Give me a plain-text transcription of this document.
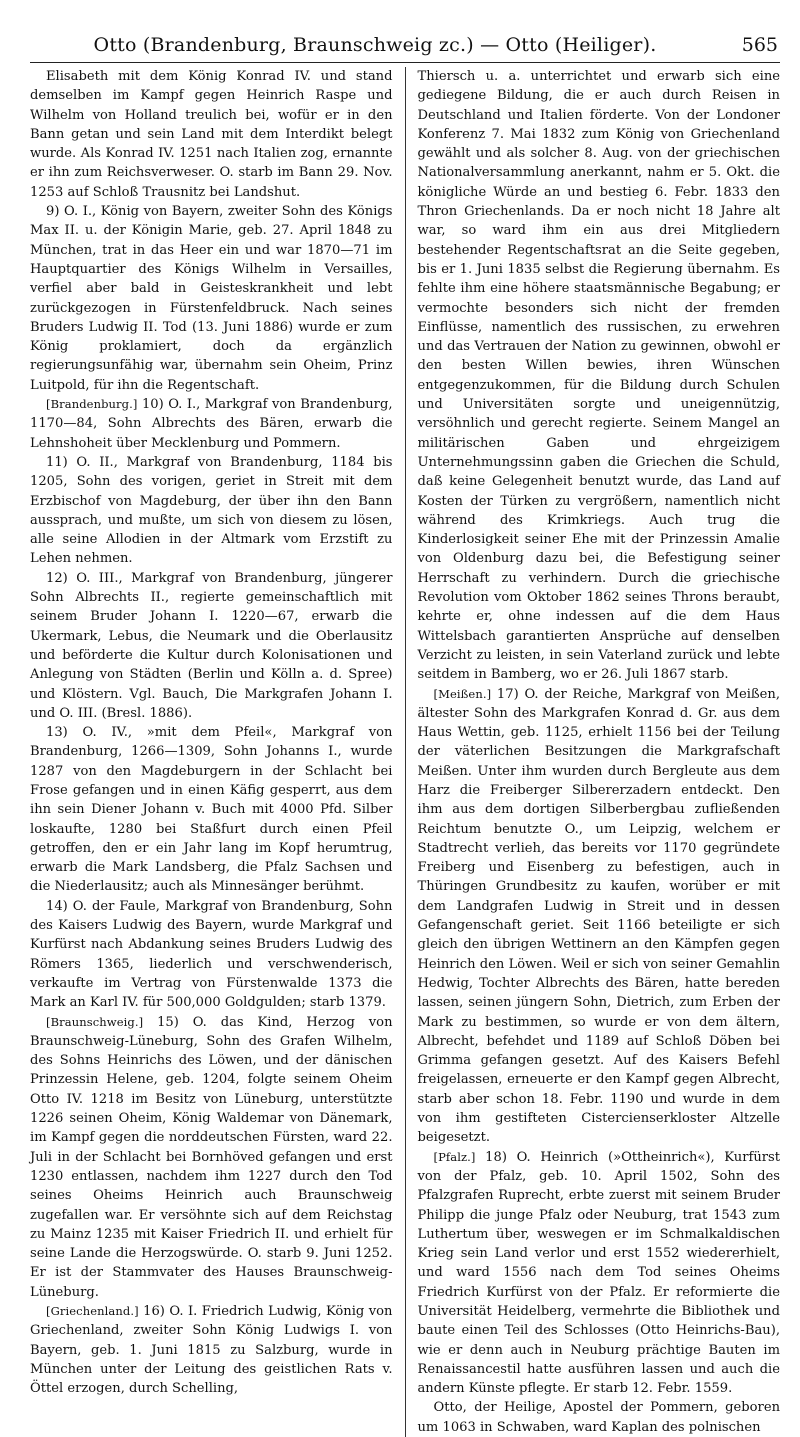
Otto (Brandenburg, Braunschweig zc.) — Otto (Heiliger).	565

Elisabeth mit dem König Konrad IV. und stand demselben im Kampf gegen Heinrich Raspe und Wilhelm von Holland treulich bei, wofür er in den Bann getan und sein Land mit dem Interdikt belegt wurde. Als Konrad IV. 1251 nach Italien zog, ernannte er ihn zum Reichsverweser. O. starb im Bann 29. Nov. 1253 auf Schloß Trausnitz bei Landshut.

9) O. I., König von Bayern, zweiter Sohn des Königs Max II. u. der Königin Marie, geb. 27. April 1848 zu München, trat in das Heer ein und war 1870—71 im Hauptquartier des Königs Wilhelm in Versailles, verfiel aber bald in Geisteskrankheit und lebt zurückgezogen in Fürstenfeldbruck. Nach seines Bruders Ludwig II. Tod (13. Juni 1886) wurde er zum König proklamiert, doch da ergänzlich regierungsunfähig war, übernahm sein Oheim, Prinz Luitpold, für ihn die Regentschaft.

[Brandenburg.] 10) O. I., Markgraf von Brandenburg, 1170—84, Sohn Albrechts des Bären, erwarb die Lehnshoheit über Mecklenburg und Pommern.

11) O. II., Markgraf von Brandenburg, 1184 bis 1205, Sohn des vorigen, geriet in Streit mit dem Erzbischof von Magdeburg, der über ihn den Bann aussprach, und mußte, um sich von diesem zu lösen, alle seine Allodien in der Altmark vom Erzstift zu Lehen nehmen.

12) O. III., Markgraf von Brandenburg, jüngerer Sohn Albrechts II., regierte gemeinschaftlich mit seinem Bruder Johann I. 1220—67, erwarb die Ukermark, Lebus, die Neumark und die Oberlausitz und beförderte die Kultur durch Kolonisationen und Anlegung von Städten (Berlin und Kölln a. d. Spree) und Klöstern. Vgl. Bauch, Die Markgrafen Johann I. und O. III. (Bresl. 1886).

13) O. IV., »mit dem Pfeil«, Markgraf von Brandenburg, 1266—1309, Sohn Johanns I., wurde 1287 von den Magdeburgern in der Schlacht bei Frose gefangen und in einen Käfig gesperrt, aus dem ihn sein Diener Johann v. Buch mit 4000 Pfd. Silber loskaufte, 1280 bei Staßfurt durch einen Pfeil getroffen, den er ein Jahr lang im Kopf herumtrug, erwarb die Mark Landsberg, die Pfalz Sachsen und die Niederlausitz; auch als Minnesänger berühmt.

14) O. der Faule, Markgraf von Brandenburg, Sohn des Kaisers Ludwig des Bayern, wurde Markgraf und Kurfürst nach Abdankung seines Bruders Ludwig des Römers 1365, liederlich und verschwenderisch, verkaufte im Vertrag von Fürstenwalde 1373 die Mark an Karl IV. für 500,000 Goldgulden; starb 1379.

[Braunschweig.] 15) O. das Kind, Herzog von Braunschweig-Lüneburg, Sohn des Grafen Wilhelm, des Sohns Heinrichs des Löwen, und der dänischen Prinzessin Helene, geb. 1204, folgte seinem Oheim Otto IV. 1218 im Besitz von Lüneburg, unterstützte 1226 seinen Oheim, König Waldemar von Dänemark, im Kampf gegen die norddeutschen Fürsten, ward 22. Juli in der Schlacht bei Bornhöved gefangen und erst 1230 entlassen, nachdem ihm 1227 durch den Tod seines Oheims Heinrich auch Braunschweig zugefallen war. Er versöhnte sich auf dem Reichstag zu Mainz 1235 mit Kaiser Friedrich II. und erhielt für seine Lande die Herzogswürde. O. starb 9. Juni 1252. Er ist der Stammvater des Hauses Braunschweig-Lüneburg.

[Griechenland.] 16) O. I. Friedrich Ludwig, König von Griechenland, zweiter Sohn König Ludwigs I. von Bayern, geb. 1. Juni 1815 zu Salzburg, wurde in München unter der Leitung des geistlichen Rats v. Öttel erzogen, durch Schelling,

Thiersch u. a. unterrichtet und erwarb sich eine gediegene Bildung, die er auch durch Reisen in Deutschland und Italien förderte. Von der Londoner Konferenz 7. Mai 1832 zum König von Griechenland gewählt und als solcher 8. Aug. von der griechischen Nationalversammlung anerkannt, nahm er 5. Okt. die königliche Würde an und bestieg 6. Febr. 1833 den Thron Griechenlands. Da er noch nicht 18 Jahre alt war, so ward ihm ein aus drei Mitgliedern bestehender Regentschaftsrat an die Seite gegeben, bis er 1. Juni 1835 selbst die Regierung übernahm. Es fehlte ihm eine höhere staatsmännische Begabung; er vermochte besonders sich nicht der fremden Einflüsse, namentlich des russischen, zu erwehren und das Vertrauen der Nation zu gewinnen, obwohl er den besten Willen bewies, ihren Wünschen entgegenzukommen, für die Bildung durch Schulen und Universitäten sorgte und uneigennützig, versöhnlich und gerecht regierte. Seinem Mangel an militärischen Gaben und ehrgeizigem Unternehmungssinn gaben die Griechen die Schuld, daß keine Gelegenheit benutzt wurde, das Land auf Kosten der Türken zu vergrößern, namentlich nicht während des Krimkriegs. Auch trug die Kinderlosigkeit seiner Ehe mit der Prinzessin Amalie von Oldenburg dazu bei, die Befestigung seiner Herrschaft zu verhindern. Durch die griechische Revolution vom Oktober 1862 seines Throns beraubt, kehrte er, ohne indessen auf die dem Haus Wittelsbach garantierten Ansprüche auf denselben Verzicht zu leisten, in sein Vaterland zurück und lebte seitdem in Bamberg, wo er 26. Juli 1867 starb.

[Meißen.] 17) O. der Reiche, Markgraf von Meißen, ältester Sohn des Markgrafen Konrad d. Gr. aus dem Haus Wettin, geb. 1125, erhielt 1156 bei der Teilung der väterlichen Besitzungen die Markgrafschaft Meißen. Unter ihm wurden durch Bergleute aus dem Harz die Freiberger Silbererzadern entdeckt. Den ihm aus dem dortigen Silberbergbau zufließenden Reichtum benutzte O., um Leipzig, welchem er Stadtrecht verlieh, das bereits vor 1170 gegründete Freiberg und Eisenberg zu befestigen, auch in Thüringen Grundbesitz zu kaufen, worüber er mit dem Landgrafen Ludwig in Streit und in dessen Gefangenschaft geriet. Seit 1166 beteiligte er sich gleich den übrigen Wettinern an den Kämpfen gegen Heinrich den Löwen. Weil er sich von seiner Gemahlin Hedwig, Tochter Albrechts des Bären, hatte bereden lassen, seinen jüngern Sohn, Dietrich, zum Erben der Mark zu bestimmen, so wurde er von dem ältern, Albrecht, befehdet und 1189 auf Schloß Döben bei Grimma gefangen gesetzt. Auf des Kaisers Befehl freigelassen, erneuerte er den Kampf gegen Albrecht, starb aber schon 18. Febr. 1190 und wurde in dem von ihm gestifteten Cistercienserkloster Altzelle beigesetzt.

[Pfalz.] 18) O. Heinrich (»Ottheinrich«), Kurfürst von der Pfalz, geb. 10. April 1502, Sohn des Pfalzgrafen Ruprecht, erbte zuerst mit seinem Bruder Philipp die junge Pfalz oder Neuburg, trat 1543 zum Luthertum über, weswegen er im Schmalkaldischen Krieg sein Land verlor und erst 1552 wiedererhielt, und ward 1556 nach dem Tod seines Oheims Friedrich Kurfürst von der Pfalz. Er reformierte die Universität Heidelberg, vermehrte die Bibliothek und baute einen Teil des Schlosses (Otto Heinrichs-Bau), wie er denn auch in Neuburg prächtige Bauten im Renaissancestil hatte ausführen lassen und auch die andern Künste pflegte. Er starb 12. Febr. 1559.

Otto, der Heilige, Apostel der Pommern, geboren um 1063 in Schwaben, ward Kaplan des polnischen
